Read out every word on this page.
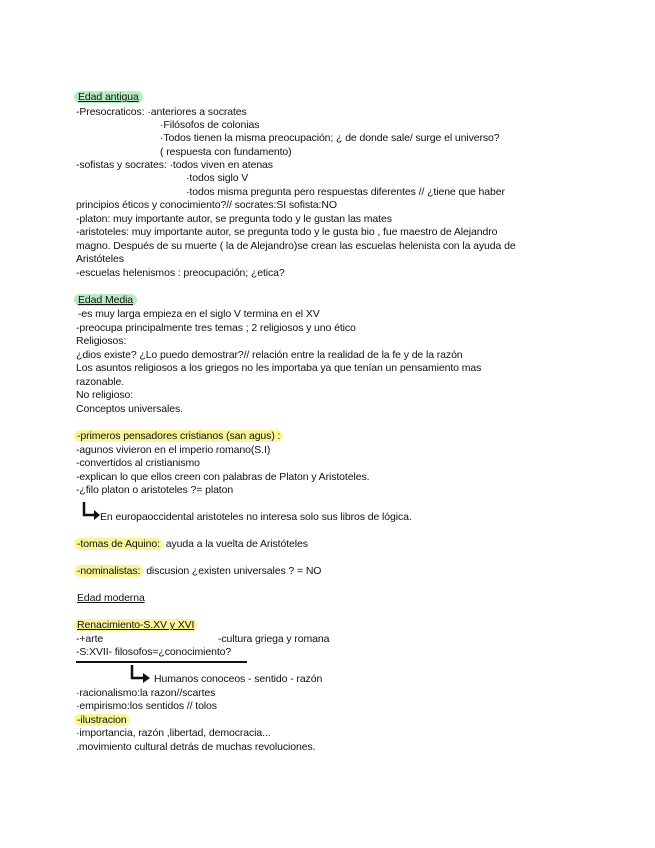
Edad antigua
-Presocraticos: ·anteriores a socrates
·Filósofos de colonias
·Todos tienen la misma preocupación; ¿ de donde sale/ surge el universo?
( respuesta con fundamento)
-sofistas y socrates: ·todos viven en atenas
·todos siglo V
·todos misma pregunta pero respuestas diferentes // ¿tiene que haber
principios éticos y conocimiento?// socrates:SI sofista:NO
-platon: muy importante autor, se pregunta todo y le gustan las mates
-aristoteles: muy importante autor, se pregunta todo y le gusta bio , fue maestro de Alejandro
magno. Después de su muerte ( la de Alejandro)se crean las escuelas helenista con la ayuda de
Aristóteles
-escuelas helenismos : preocupación; ¿etica?
Edad Media
-es muy larga empieza en el siglo V termina en el XV
-preocupa principalmente tres temas ; 2 religiosos y uno ético
Religiosos:
¿dios existe? ¿Lo puedo demostrar?// relación entre la realidad de la fe y de la razón
Los asuntos religiosos a los griegos no les importaba ya que tenían un pensamiento mas
razonable.
No religioso:
Conceptos universales.
-primeros pensadores cristianos (san agus) :
-agunos vivieron en el imperio romano(S.I)
-convertidos al cristianismo
-explican lo que ellos creen con palabras de Platon y Aristoteles.
-¿filo platon o aristoteles ?= platon
En europaoccidental aristoteles no interesa solo sus libros de lógica.
-tomas de Aquino: ayuda a la vuelta de Aristóteles
-nominalistas: discusion ¿existen universales ? = NO
Edad moderna
Renacimiento-S.XV y XVI
-+arte	-cultura griega y romana
-S:XVII- filosofos=¿conocimiento?
Humanos conoceos - sentido - razón
·racionalismo:la razon//scartes
·empirismo:los sentidos // tolos
-ilustracion
·importancia, razón ,libertad, democracia...
.movimiento cultural detrás de muchas revoluciones.
